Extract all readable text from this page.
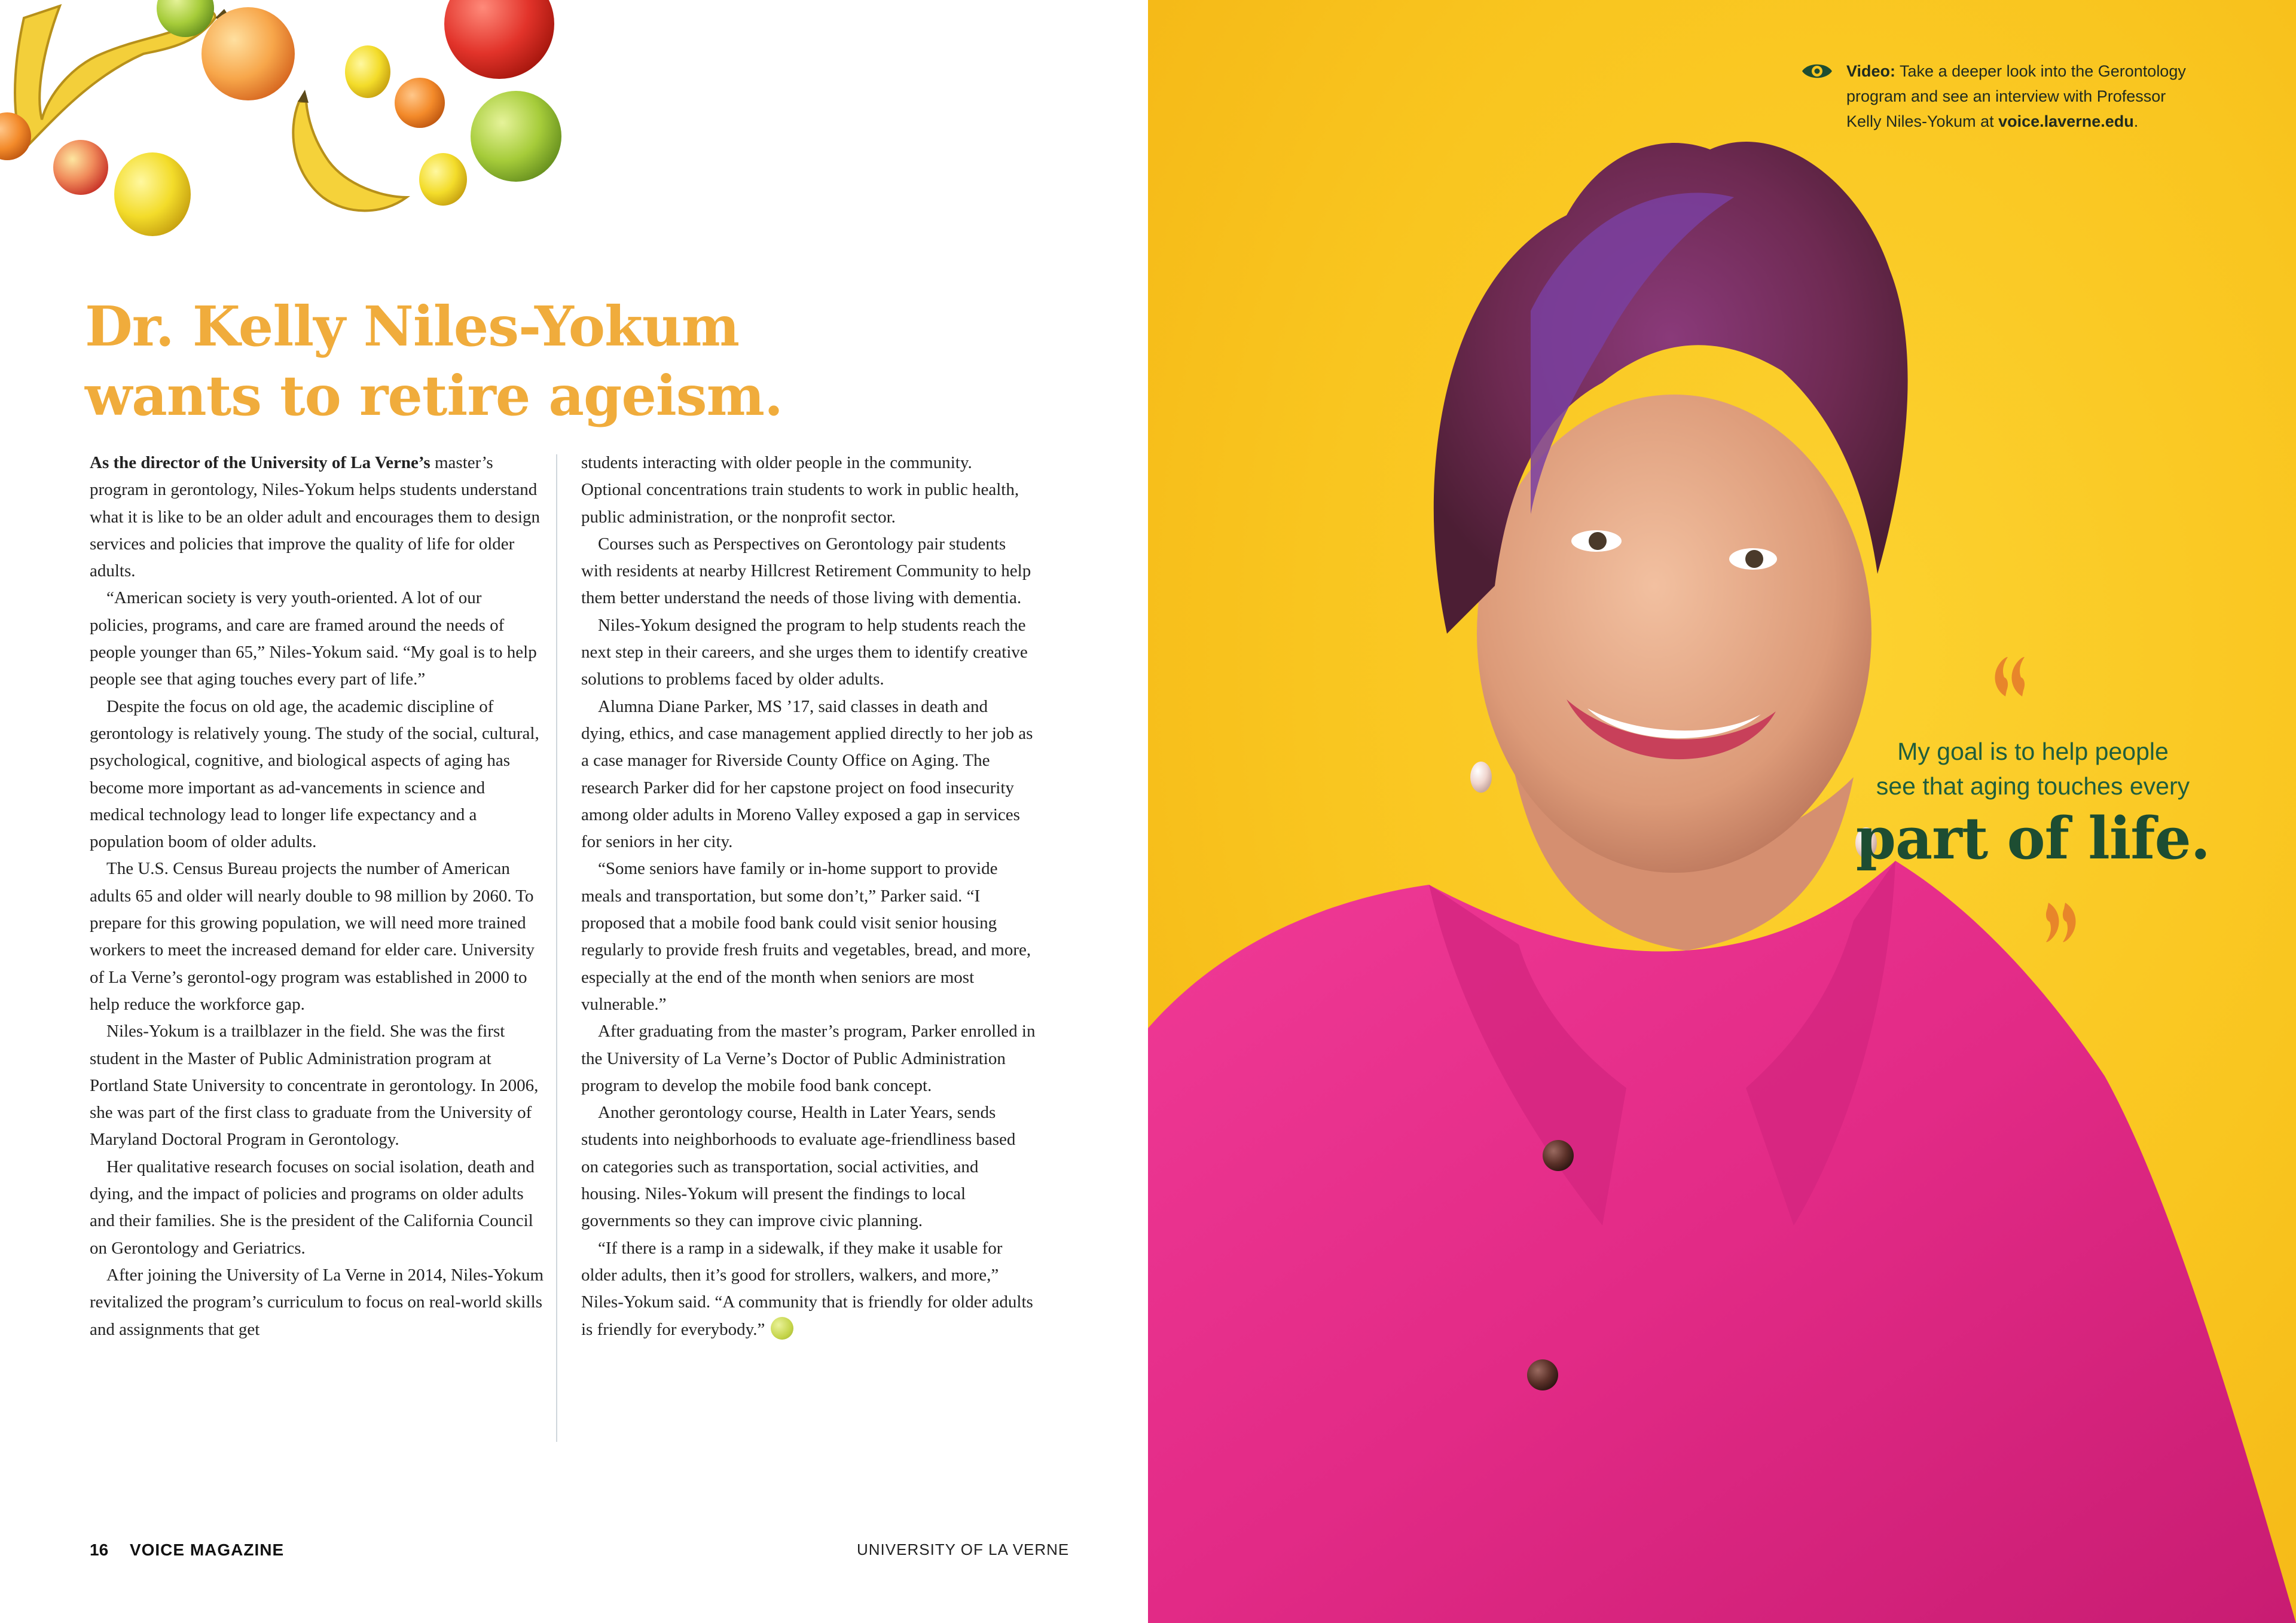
Dr. Kelly Niles-Yokum
wants to retire ageism.

As the director of the University of La Verne’s master’s program in gerontology, Niles-Yokum helps students understand what it is like to be an older adult and encourages them to design services and policies that improve the quality of life for older adults.

“American society is very youth-oriented. A lot of our policies, programs, and care are framed around the needs of people younger than 65,” Niles-Yokum said. “My goal is to help people see that aging touches every part of life.”

Despite the focus on old age, the academic discipline of gerontology is relatively young. The study of the social, cultural, psychological, cognitive, and biological aspects of aging has become more important as ad-vancements in science and medical technology lead to longer life expectancy and a population boom of older adults.

The U.S. Census Bureau projects the number of American adults 65 and older will nearly double to 98 million by 2060. To prepare for this growing population, we will need more trained workers to meet the increased demand for elder care. University of La Verne’s gerontol-ogy program was established in 2000 to help reduce the workforce gap.

Niles-Yokum is a trailblazer in the field. She was the first student in the Master of Public Administration program at Portland State University to concentrate in gerontology. In 2006, she was part of the first class to graduate from the University of Maryland Doctoral Program in Gerontology.

Her qualitative research focuses on social isolation, death and dying, and the impact of policies and programs on older adults and their families. She is the president of the California Council on Gerontology and Geriatrics.

After joining the University of La Verne in 2014, Niles-Yokum revitalized the program’s curriculum to focus on real-world skills and assignments that get

students interacting with older people in the community. Optional concentrations train students to work in public health, public administration, or the nonprofit sector.

Courses such as Perspectives on Gerontology pair students with residents at nearby Hillcrest Retirement Community to help them better understand the needs of those living with dementia.

Niles-Yokum designed the program to help students reach the next step in their careers, and she urges them to identify creative solutions to problems faced by older adults.

Alumna Diane Parker, MS ’17, said classes in death and dying, ethics, and case management applied directly to her job as a case manager for Riverside County Office on Aging. The research Parker did for her capstone project on food insecurity among older adults in Moreno Valley exposed a gap in services for seniors in her city.

“Some seniors have family or in-home support to provide meals and transportation, but some don’t,” Parker said. “I proposed that a mobile food bank could visit senior housing regularly to provide fresh fruits and vegetables, bread, and more, especially at the end of the month when seniors are most vulnerable.”

After graduating from the master’s program, Parker enrolled in the University of La Verne’s Doctor of Public Administration program to develop the mobile food bank concept.

Another gerontology course, Health in Later Years, sends students into neighborhoods to evaluate age-friendliness based on categories such as transportation, social activities, and housing. Niles-Yokum will present the findings to local governments so they can improve civic planning.

“If there is a ramp in a sidewalk, if they make it usable for older adults, then it’s good for strollers, walkers, and more,” Niles-Yokum said. “A community that is friendly for older adults is friendly for everybody.”

16 VOICE MAGAZINE	UNIVERSITY OF LA VERNE
Video: Take a deeper look into the Gerontology program and see an interview with Professor Kelly Niles-Yokum at voice.laverne.edu.
My goal is to help people
see that aging touches every
part of life.
